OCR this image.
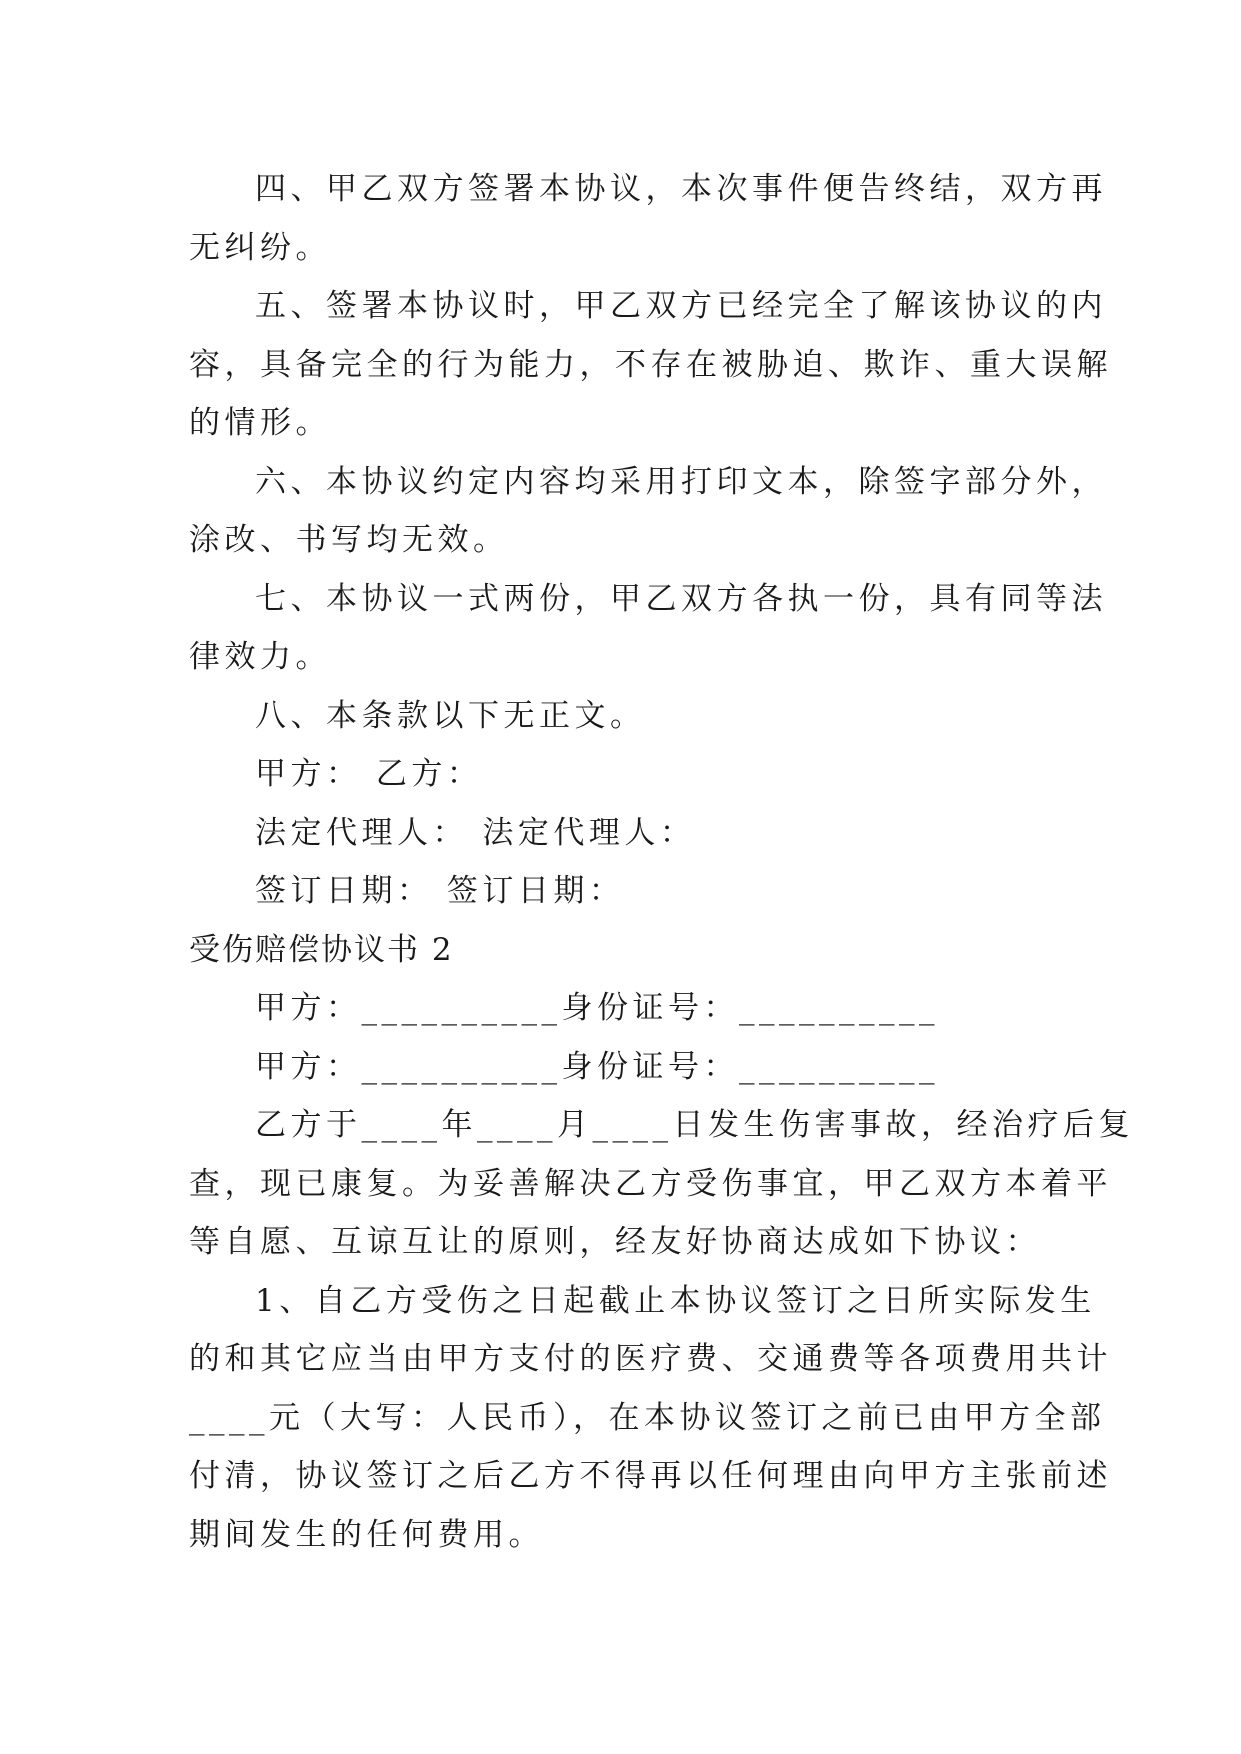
四、甲乙双方签署本协议，本次事件便告终结，双方再
无纠纷。
五、签署本协议时，甲乙双方已经完全了解该协议的内
容，具备完全的行为能力，不存在被胁迫、欺诈、重大误解
的情形。
六、本协议约定内容均采用打印文本，除签字部分外，
涂改、书写均无效。
七、本协议一式两份，甲乙双方各执一份，具有同等法
律效力。
八、本条款以下无正文。
甲方： 乙方：
法定代理人： 法定代理人：
签订日期： 签订日期：
受伤赔偿协议书 2
甲方：__________身份证号：__________
甲方：__________身份证号：__________
乙方于____年____月____日发生伤害事故，经治疗后复
查，现已康复。为妥善解决乙方受伤事宜，甲乙双方本着平
等自愿、互谅互让的原则，经友好协商达成如下协议：
1、自乙方受伤之日起截止本协议签订之日所实际发生
的和其它应当由甲方支付的医疗费、交通费等各项费用共计
____元（大写：人民币），在本协议签订之前已由甲方全部
付清，协议签订之后乙方不得再以任何理由向甲方主张前述
期间发生的任何费用。
